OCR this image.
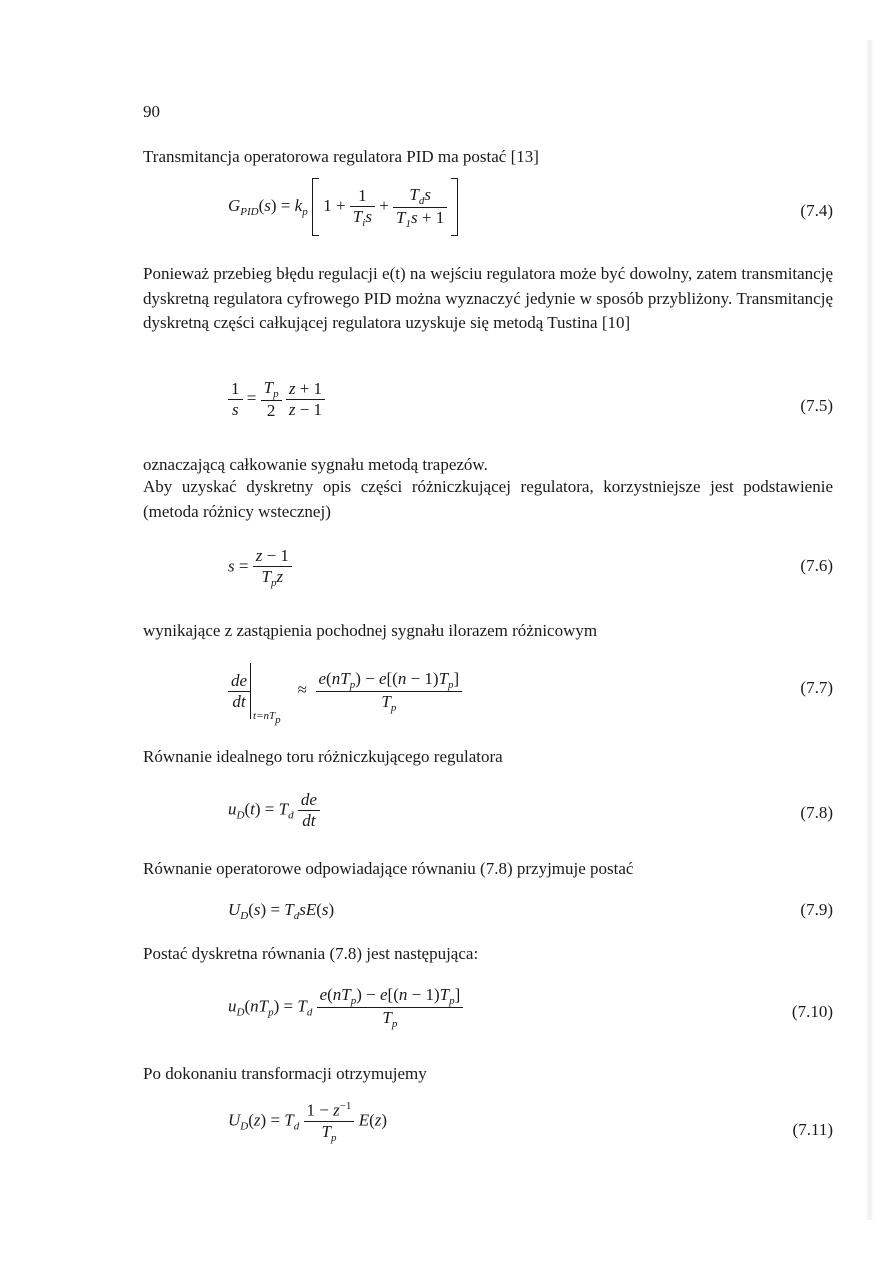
90
Transmitancja operatorowa regulatora PID ma postać [13]
$G_{PID}(s) = k_p$ $1 + \frac{1}{T_is} + \frac{T_ds}{T_1s + 1}$
	(7.4)
Ponieważ przebieg błędu regulacji e(t) na wejściu regulatora może być dowolny, zatem transmitancję dyskretną regulatora cyfrowego PID można wyznaczyć jedynie w sposób przybliżony. Transmitancję dyskretną części całkującej regulatora uzyskuje się metodą Tustina [10]
$\frac{1}{s} = \frac{T_p}{2}$
$\frac{z + 1}{z - 1}$	(7.5)
oznaczającą całkowanie sygnału metodą trapezów.
Aby uzyskać dyskretny opis części różniczkującej regulatora, korzystniejsze jest podstawienie (metoda różnicy wstecznej)
$s = \frac{z - 1}{T_pz}$	(7.6)
wynikające z zastąpienia pochodnej sygnału ilorazem różnicowym
$\frac{de}{dt}$
$_{t=nT_p}$    ≈ $\frac{e(nT_p) - e[(n - 1)T_p]}{T_p}$	(7.7)
Równanie idealnego toru różniczkującego regulatora
$u_D(t) = T_d \frac{de}{dt}$	(7.8)
Równanie operatorowe odpowiadające równaniu (7.8) przyjmuje postać
$U_D(s) = T_dsE(s)$	(7.9)
Postać dyskretna równania (7.8) jest następująca:
$u_D(nT_p) = T_d \frac{e(nT_p) - e[(n - 1)T_p]}{T_p}$	(7.10)
Po dokonaniu transformacji otrzymujemy
$U_D(z) = T_d \frac{1 - z^{-1}}{T_p} E(z)$	(7.11)
